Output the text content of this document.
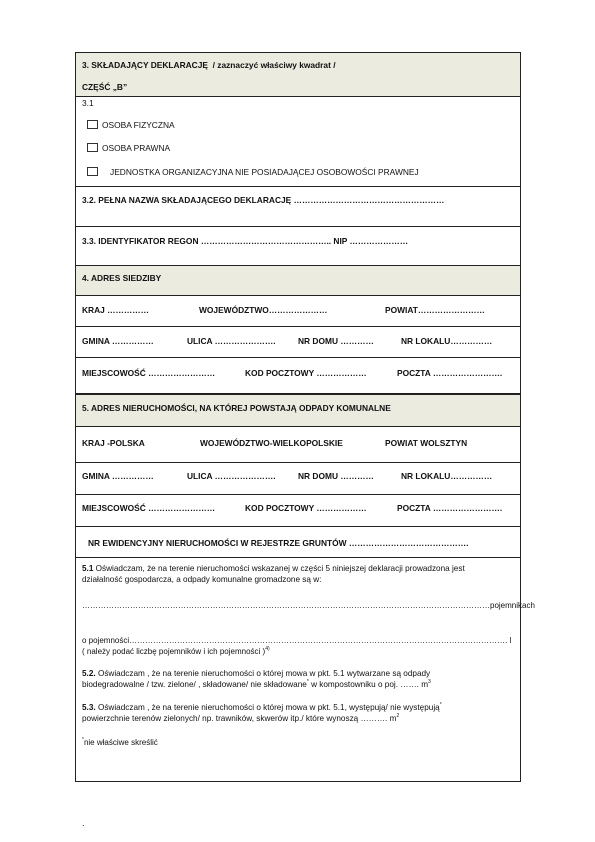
3. SKŁADAJĄCY DEKLARACJĘ / zaznaczyć właściwy kwadrat /
CZĘŚĆ „B”
3.1
OSOBA FIZYCZNA
OSOBA PRAWNA
JEDNOSTKA ORGANIZACYJNA NIE POSIADAJĄCEJ OSOBOWOŚCI PRAWNEJ
3.2. PEŁNA NAZWA SKŁADAJĄCEGO DEKLARACJĘ ………………………………………………
3.3. IDENTYFIKATOR REGON ……………………………………….. NIP …………………
4. ADRES SIEDZIBY
KRAJ ……………	WOJEWÓDZTWO…………………	POWIAT……………………
GMINA ……………	ULICA ………………….	NR DOMU …………	NR LOKALU……………
MIEJSCOWOŚĆ ……………………	KOD POCZTOWY ………………	POCZTA …………………….
5. ADRES NIERUCHOMOŚCI, NA KTÓREJ POWSTAJĄ ODPADY KOMUNALNE
KRAJ -POLSKA	WOJEWÓDZTWO-WIELKOPOLSKIE	POWIAT WOLSZTYN
GMINA ……………	ULICA ………………….	NR DOMU …………	NR LOKALU……………
MIEJSCOWOŚĆ ……………………	KOD POCZTOWY ………………	POCZTA …………………….
NR EWIDENCYJNY NIERUCHOMOŚCI W REJESTRZE GRUNTÓW …………………………………….
5.1 Oświadczam, że na terenie nieruchomości wskazanej w części 5 niniejszej deklaracji prowadzona jest
działalność gospodarcza, a odpady komunalne gromadzone są w:
………………………………………………………………………………………………………………………………………pojemnikach
o pojemności……………………………………………………………………………………………………………………………. l
( należy podać liczbę pojemników i ich pojemności )$^{4)}$
5.2. Oświadczam , że na terenie nieruchomości o której mowa w pkt. 5.1 wytwarzane są odpady
biodegradowalne / tzw. zielone/ , składowane/ nie składowane* w kompostowniku o poj. ……. $m^3$
5.3. Oświadczam , że na terenie nieruchomości o której mowa w pkt. 5.1, występują/ nie występują*
powierzchnie terenów zielonych/ np. trawników, skwerów itp./ które wynoszą ………. $m^2$
*nie właściwe skreślić
.
